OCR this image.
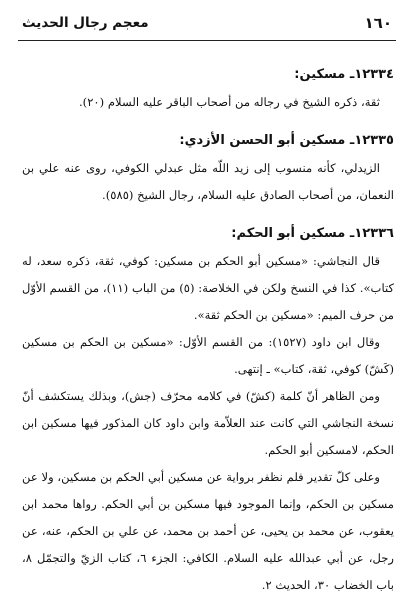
١٦٠
معجم رجال الحديث

١٢٣٣٤ـ مسكين:

ثقة، ذكره الشيخ في رجاله من أصحاب الباقر عليه السلام (٢٠).

١٢٣٣٥ـ مسكين أبو الحسن الأزدي:

الزيدلي، كأنه منسوب إلى زيد اللّه مثل عبدلي الكوفي، روى عنه علي بن النعمان، من أصحاب الصادق عليه السلام، رجال الشيخ (٥٨٥).

١٢٣٣٦ـ مسكين أبو الحكم:

قال النجاشي: «مسكين أبو الحكم بن مسكين: كوفي، ثقة، ذكره سعد، له كتاب». كذا في النسخ ولكن في الخلاصة: (٥) من الباب (١١)، من القسم الأوّل من حرف الميم: «مسكين بن الحكم ثقة».

وقال ابن داود (١٥٢٧): من القسم الأوّل: «مسكين بن الحكم بن مسكين (كَشّ) كوفي، ثقة، كتاب» ـ إنتهى.

ومن الظاهر أنّ كلمة (كشّ) في كلامه محرّف (جش)، وبذلك يستكشف أنّ نسخة النجاشي التي كانت عند العلاّمة وابن داود كان المذكور فيها مسكين ابن الحكم، لامسكين أبو الحكم.

وعلى كلّ تقدير فلم نظفر برواية عن مسكين أبي الحكم بن مسكين، ولا عن مسكين بن الحكم، وإنما الموجود فيها مسكين بن أبي الحكم. رواها محمد ابن يعقوب، عن محمد بن يحيى، عن أحمد بن محمد، عن علي بن الحكم، عنه، عن رجل، عن أبي عبدالله عليه السلام. الكافي: الجزء ٦، كتاب الزيّ والتجمّل ٨، باب الخضاب ٣٠، الحديث ٢.
